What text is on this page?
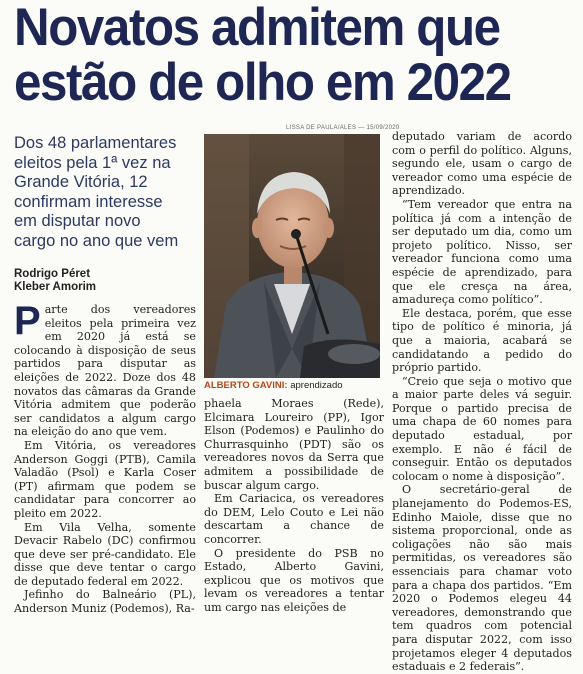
Novatos admitem que
estão de olho em 2022
Dos 48 parlamentares eleitos pela 1ª vez na Grande Vitória, 12 confirmam interesse em disputar novo cargo no ano que vem
Rodrigo Péret
Kleber Amorim
LISSA DE PAULA/ALES — 15/09/2020
ALBERTO GAVINI: aprendizado

Parte dos vereadores eleitos pela primeira vez em 2020 já está se colocando à disposição de seus partidos para disputar as eleições de 2022. Doze dos 48 novatos das câmaras da Grande Vitória admitem que poderão ser candidatos a algum cargo na eleição do ano que vem.

Em Vitória, os vereadores Anderson Goggi (PTB), Camila Valadão (Psol) e Karla Coser (PT) afirmam que podem se candidatar para concorrer ao pleito em 2022.

Em Vila Velha, somente Devacir Rabelo (DC) confirmou que deve ser pré-candidato. Ele disse que deve tentar o cargo de deputado federal em 2022.

Jefinho do Balneário (PL), Anderson Muniz (Podemos), Ra-

phaela Moraes (Rede), Elcimara Loureiro (PP), Igor Elson (Podemos) e Paulinho do Churrasquinho (PDT) são os vereadores novos da Serra que admitem a possibilidade de buscar algum cargo.

Em Cariacica, os vereadores do DEM, Lelo Couto e Lei não descartam a chance de concorrer.

O presidente do PSB no Estado, Alberto Gavini, explicou que os motivos que levam os vereadores a tentar um cargo nas eleições de

deputado variam de acordo com o perfil do político. Alguns, segundo ele, usam o cargo de vereador como uma espécie de aprendizado.

“Tem vereador que entra na política já com a intenção de ser deputado um dia, como um projeto político. Nisso, ser vereador funciona como uma espécie de aprendizado, para que ele cresça na área, amadureça como político”.

Ele destaca, porém, que esse tipo de político é minoria, já que a maioria, acabará se candidatando a pedido do próprio partido.

“Creio que seja o motivo que a maior parte deles vá seguir. Porque o partido precisa de uma chapa de 60 nomes para deputado estadual, por exemplo. E não é fácil de conseguir. Então os deputados colocam o nome à disposição”.

O secretário-geral de planejamento do Podemos-ES, Edinho Maiole, disse que no sistema proporcional, onde as coligações não são mais permitidas, os vereadores são essenciais para chamar voto para a chapa dos partidos. “Em 2020 o Podemos elegeu 44 vereadores, demonstrando que tem quadros com potencial para disputar 2022, com isso projetamos eleger 4 deputados estaduais e 2 federais”.
